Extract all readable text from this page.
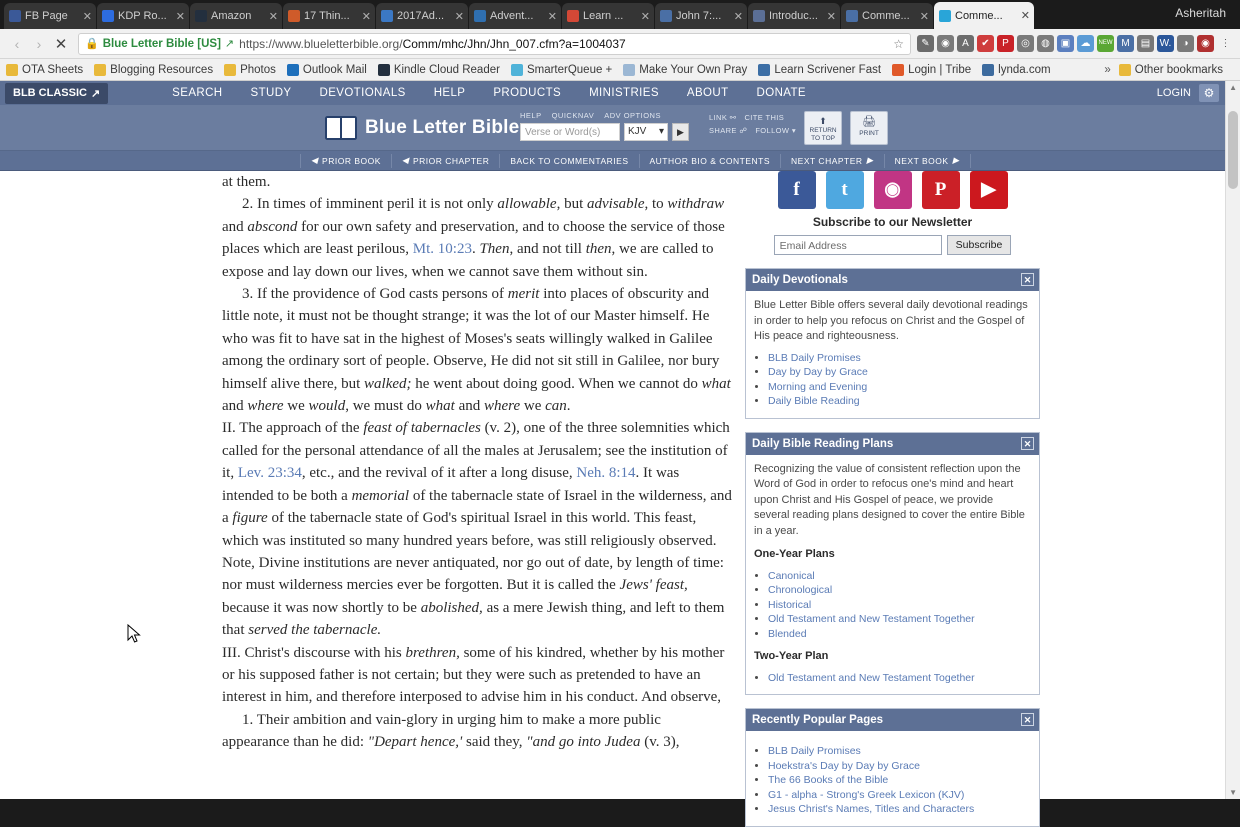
FB Page	✕ KDP Ro... ✕ Amazon	✕ 17 Thin...	✕ 2017Ad... ✕ Advent...	✕ Learn ...	✕ John 7:...	✕ Introduc... ✕ Comme... ✕ Comme...	✕	Asheritah
‹	› ✕	🔒 Blue Letter Bible [US] ↗ https://www.blueletterbible.org/Comm/mhc/Jhn/Jhn_007.cfm?a=1004037	☆	✎	◉	A	✔	P	◎	◍	▣	☁	NEW M	▤ W.	◑	◉	⋮
OTA Sheets Blogging Resources Photos Outlook Mail Kindle Cloud Reader SmarterQueue + Make Your Own Pray Learn Scrivener Fast Login | Tribe lynda.com	» Other bookmarks
BLB CLASSIC ↗	SEARCH	STUDY	DEVOTIONALS	HELP	PRODUCTS	MINISTRIES	ABOUT	DONATE	LOGIN	⚙
Blue Letter Bible
HELP QUICKNAV ADV OPTIONS
Verse or Word(s)	KJV ▾	▶
LINK ⚯ CITE THIS
SHARE ☍ FOLLOW ▾
⬆
RETURN
TO TOP
🖨
PRINT
◀ PRIOR BOOK ◀ PRIOR CHAPTER	BACK TO COMMENTARIES	AUTHOR BIO & CONTENTS	NEXT CHAPTER ▶ NEXT BOOK ▶

at them.

2. In times of imminent peril it is not only allowable, but advisable, to withdraw and abscond for our own safety and preservation, and to choose the service of those places which are least perilous, Mt. 10:23. Then, and not till then, we are called to expose and lay down our lives, when we cannot save them without sin.

3. If the providence of God casts persons of merit into places of obscurity and little note, it must not be thought strange; it was the lot of our Master himself. He who was fit to have sat in the highest of Moses's seats willingly walked in Galilee among the ordinary sort of people. Observe, He did not sit still in Galilee, nor bury himself alive there, but walked; he went about doing good. When we cannot do what and where we would, we must do what and where we can.

II. The approach of the feast of tabernacles (v. 2), one of the three solemnities which called for the personal attendance of all the males at Jerusalem; see the institution of it, Lev. 23:34, etc., and the revival of it after a long disuse, Neh. 8:14. It was intended to be both a memorial of the tabernacle state of Israel in the wilderness, and a figure of the tabernacle state of God's spiritual Israel in this world. This feast, which was instituted so many hundred years before, was still religiously observed. Note, Divine institutions are never antiquated, nor go out of date, by length of time: nor must wilderness mercies ever be forgotten. But it is called the Jews' feast, because it was now shortly to be abolished, as a mere Jewish thing, and left to them that served the tabernacle.

III. Christ's discourse with his brethren, some of his kindred, whether by his mother or his supposed father is not certain; but they were such as pretended to have an interest in him, and therefore interposed to advise him in his conduct. And observe,

1. Their ambition and vain-glory in urging him to make a more public appearance than he did: "Depart hence,' said they, "and go into Judea (v. 3),

f	t	◉	P	▶
Subscribe to our Newsletter
Email Address	Subscribe
Daily Devotionals	✕
Blue Letter Bible offers several daily devotional readings in order to help you refocus on Christ and the Gospel of His peace and righteousness.
• BLB Daily Promises
• Day by Day by Grace
• Morning and Evening
• Daily Bible Reading
Daily Bible Reading Plans	✕
Recognizing the value of consistent reflection upon the Word of God in order to refocus one's mind and heart upon Christ and His Gospel of peace, we provide several reading plans designed to cover the entire Bible in a year.
One-Year Plans
• Canonical
• Chronological
• Historical
• Old Testament and New Testament Together
• Blended
Two-Year Plan
• Old Testament and New Testament Together
Recently Popular Pages	✕
• BLB Daily Promises
• Hoekstra's Day by Day by Grace
• The 66 Books of the Bible
• G1 - alpha - Strong's Greek Lexicon (KJV)
• Jesus Christ's Names, Titles and Characters
▲
▼
